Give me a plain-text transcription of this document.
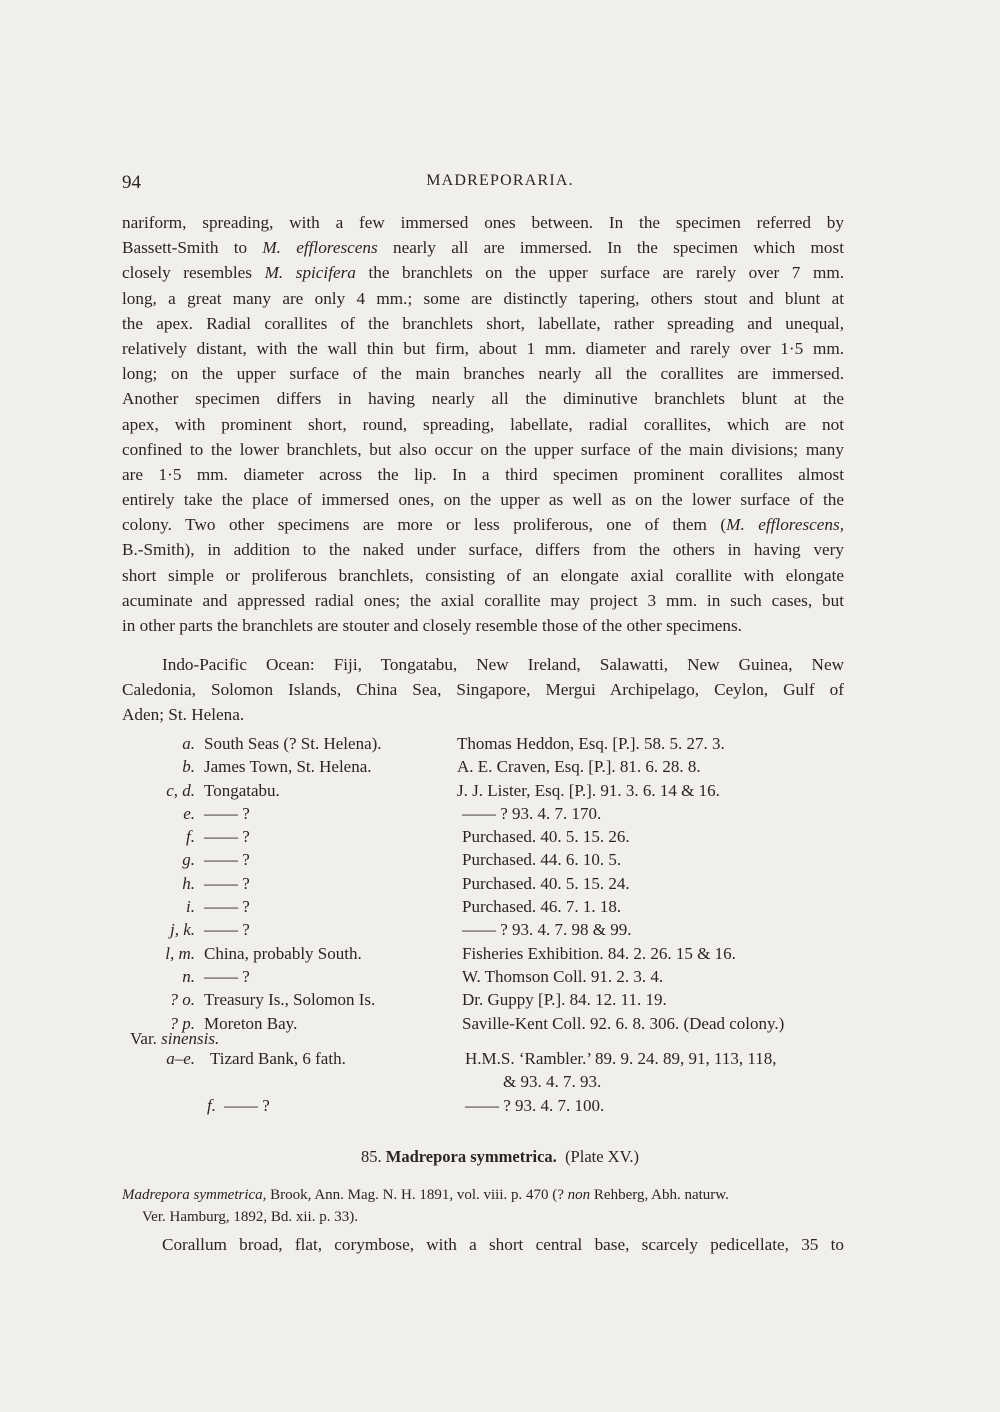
94	MADREPORARIA.
nariform, spreading, with a few immersed ones between. In the specimen referred by
Bassett-Smith to M. efflorescens nearly all are immersed. In the specimen which most
closely resembles M. spicifera the branchlets on the upper surface are rarely over 7 mm.
long, a great many are only 4 mm.; some are distinctly tapering, others stout and blunt at
the apex. Radial corallites of the branchlets short, labellate, rather spreading and unequal,
relatively distant, with the wall thin but firm, about 1 mm. diameter and rarely over 1·5 mm.
long; on the upper surface of the main branches nearly all the corallites are immersed.
Another specimen differs in having nearly all the diminutive branchlets blunt at the
apex, with prominent short, round, spreading, labellate, radial corallites, which are not
confined to the lower branchlets, but also occur on the upper surface of the main divisions; many
are 1·5 mm. diameter across the lip. In a third specimen prominent corallites almost
entirely take the place of immersed ones, on the upper as well as on the lower surface of the
colony. Two other specimens are more or less proliferous, one of them (M. efflorescens,
B.-Smith), in addition to the naked under surface, differs from the others in having very
short simple or proliferous branchlets, consisting of an elongate axial corallite with elongate
acuminate and appressed radial ones; the axial corallite may project 3 mm. in such cases, but
in other parts the branchlets are stouter and closely resemble those of the other specimens.
Indo-Pacific Ocean: Fiji, Tongatabu, New Ireland, Salawatti, New Guinea, New
Caledonia, Solomon Islands, China Sea, Singapore, Mergui Archipelago, Ceylon, Gulf of
Aden; St. Helena.
a. South Seas (? St. Helena).	Thomas Heddon, Esq. [P.]. 58. 5. 27. 3.
b. James Town, St. Helena.	A. E. Craven, Esq. [P.]. 81. 6. 28. 8.
c, d. Tongatabu.	J. J. Lister, Esq. [P.]. 91. 3. 6. 14 & 16.
e. —— ?	—— ? 93. 4. 7. 170.
f. —— ?	Purchased. 40. 5. 15. 26.
g. —— ?	Purchased. 44. 6. 10. 5.
h. —— ?	Purchased. 40. 5. 15. 24.
i. —— ?	Purchased. 46. 7. 1. 18.
j, k. —— ?	—— ? 93. 4. 7. 98 & 99.
l, m. China, probably South.	Fisheries Exhibition. 84. 2. 26. 15 & 16.
n. —— ?	W. Thomson Coll. 91. 2. 3. 4.
? o. Treasury Is., Solomon Is.	Dr. Guppy [P.]. 84. 12. 11. 19.
? p. Moreton Bay.	Saville-Kent Coll. 92. 6. 8. 306. (Dead colony.)
Var. sinensis.
a–e. Tizard Bank, 6 fath.	H.M.S. ‘Rambler.’ 89. 9. 24. 89, 91, 113, 118,
& 93. 4. 7. 93.
f. —— ?	—— ? 93. 4. 7. 100.
85. Madrepora symmetrica. (Plate XV.)
Madrepora symmetrica, Brook, Ann. Mag. N. H. 1891, vol. viii. p. 470 (? non Rehberg, Abh. naturw.
Ver. Hamburg, 1892, Bd. xii. p. 33).
Corallum broad, flat, corymbose, with a short central base, scarcely pedicellate, 35 to
